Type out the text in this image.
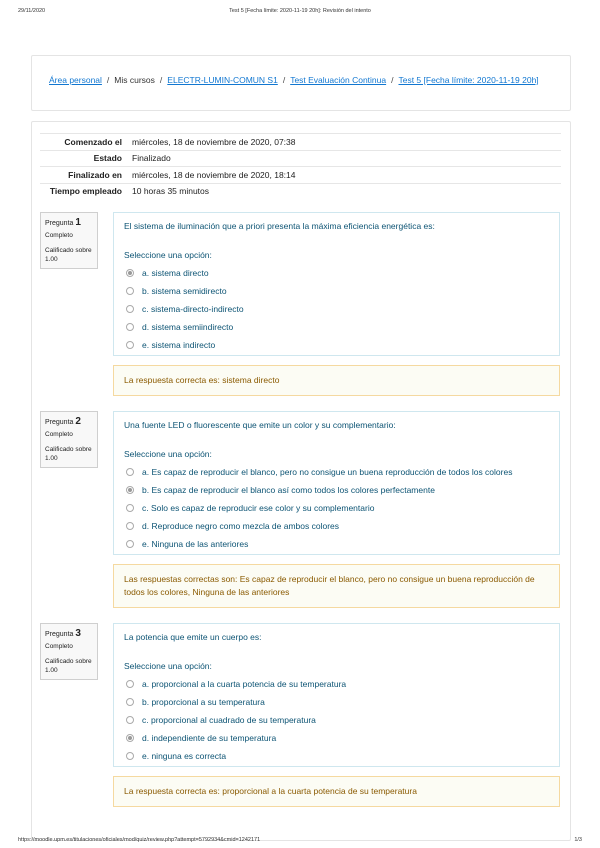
29/11/2020	Test 5 [Fecha límite: 2020-11-19 20h]: Revisión del intento
Área personal / Mis cursos / ELECTR-LUMIN-COMUN S1 / Test Evaluación Continua / Test 5 [Fecha límite: 2020-11-19 20h]
Comenzado el	miércoles, 18 de noviembre de 2020, 07:38
Estado	Finalizado
Finalizado en	miércoles, 18 de noviembre de 2020, 18:14
Tiempo empleado	10 horas 35 minutos
Pregunta 1
Completo
Calificado sobre 1.00
El sistema de iluminación que a priori presenta la máxima eficiencia energética es:
Seleccione una opción:
a. sistema directo
b. sistema semidirecto
c. sistema-directo-indirecto
d. sistema semiindirecto
e. sistema indirecto
La respuesta correcta es: sistema directo
Pregunta 2
Completo
Calificado sobre 1.00
Una fuente LED o fluorescente que emite un color y su complementario:
Seleccione una opción:
a. Es capaz de reproducir el blanco, pero no consigue un buena reproducción de todos los colores
b. Es capaz de reproducir el blanco así como todos los colores perfectamente
c. Solo es capaz de reproducir ese color y su complementario
d. Reproduce negro como mezcla de ambos colores
e. Ninguna de las anteriores
Las respuestas correctas son: Es capaz de reproducir el blanco, pero no consigue un buena reproducción de todos los colores, Ninguna de las anteriores
Pregunta 3
Completo
Calificado sobre 1.00
La potencia que emite un cuerpo es:
Seleccione una opción:
a. proporcional a la cuarta potencia de su temperatura
b. proporcional a su temperatura
c. proporcional al cuadrado de su temperatura
d. independiente de su temperatura
e. ninguna es correcta
La respuesta correcta es: proporcional a la cuarta potencia de su temperatura
https://moodle.upm.es/titulaciones/oficiales/mod/quiz/review.php?attempt=5792934&cmid=1242171	1/3
